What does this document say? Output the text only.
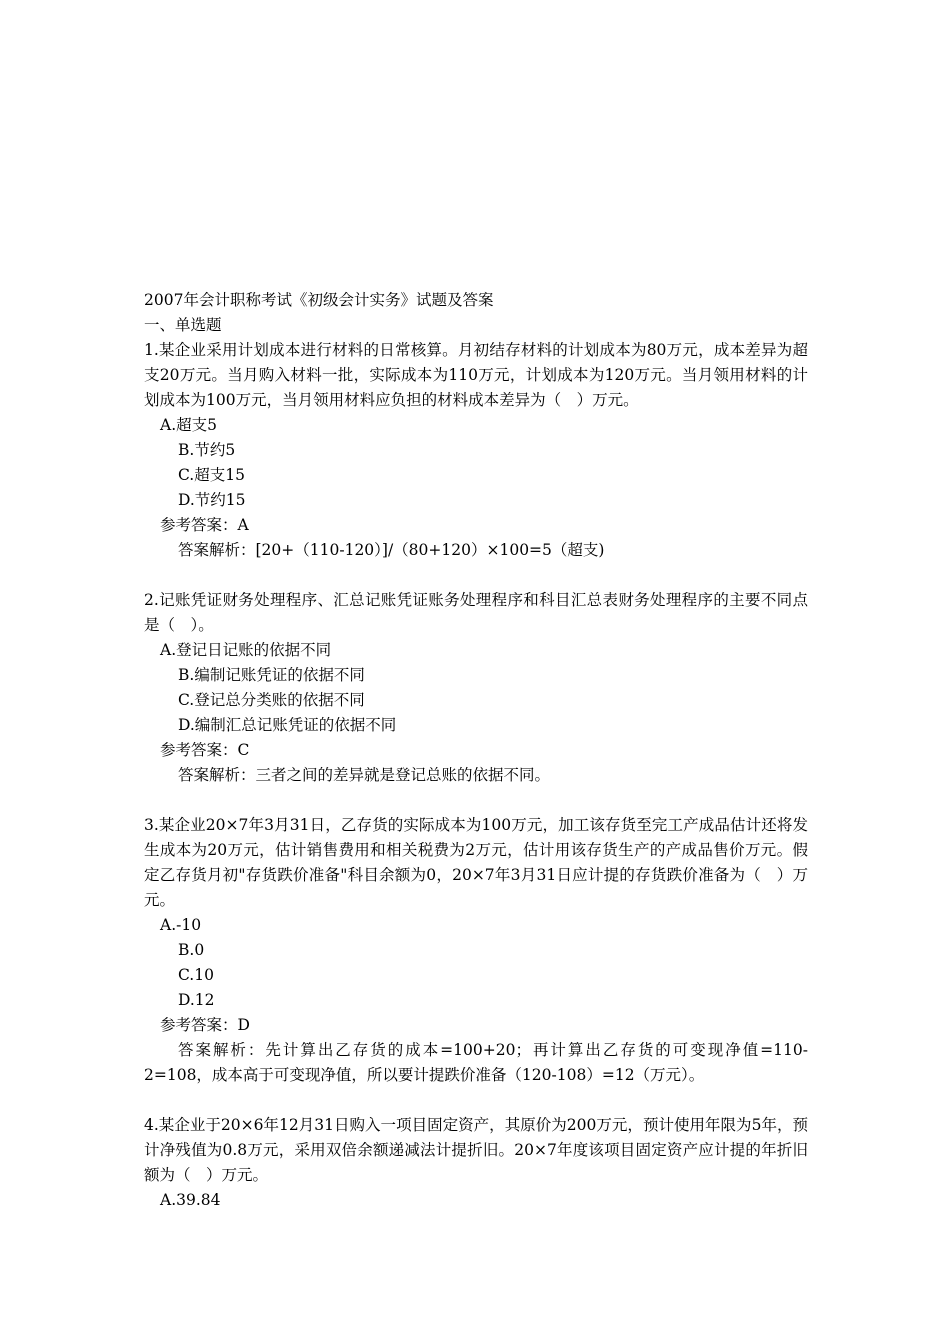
2007年会计职称考试《初级会计实务》试题及答案

一、单选题

1.某企业采用计划成本进行材料的日常核算。月初结存材料的计划成本为80万元，成本差异为超支20万元。当月购入材料一批，实际成本为110万元，计划成本为120万元。当月领用材料的计划成本为100万元，当月领用材料应负担的材料成本差异为（　）万元。

A.超支5

B.节约5

C.超支15

D.节约15

参考答案：A

答案解析：[20+（110-120）]/（80+120）×100=5（超支)

2.记账凭证财务处理程序、汇总记账凭证账务处理程序和科目汇总表财务处理程序的主要不同点是（　）。

A.登记日记账的依据不同

B.编制记账凭证的依据不同

C.登记总分类账的依据不同

D.编制汇总记账凭证的依据不同

参考答案：C

答案解析：三者之间的差异就是登记总账的依据不同。

3.某企业20×7年3月31日，乙存货的实际成本为100万元，加工该存货至完工产成品估计还将发生成本为20万元，估计销售费用和相关税费为2万元，估计用该存货生产的产成品售价万元。假定乙存货月初"存货跌价准备"科目余额为0，20×7年3月31日应计提的存货跌价准备为（　）万元。

A.-10

B.0

C.10

D.12

参考答案：D

答案解析：先计算出乙存货的成本=100+20；再计算出乙存货的可变现净值=110-2=108，成本高于可变现净值，所以要计提跌价准备（120-108）=12（万元）。

4.某企业于20×6年12月31日购入一项目固定资产，其原价为200万元，预计使用年限为5年，预计净残值为0.8万元，采用双倍余额递减法计提折旧。20×7年度该项目固定资产应计提的年折旧额为（　）万元。

A.39.84
